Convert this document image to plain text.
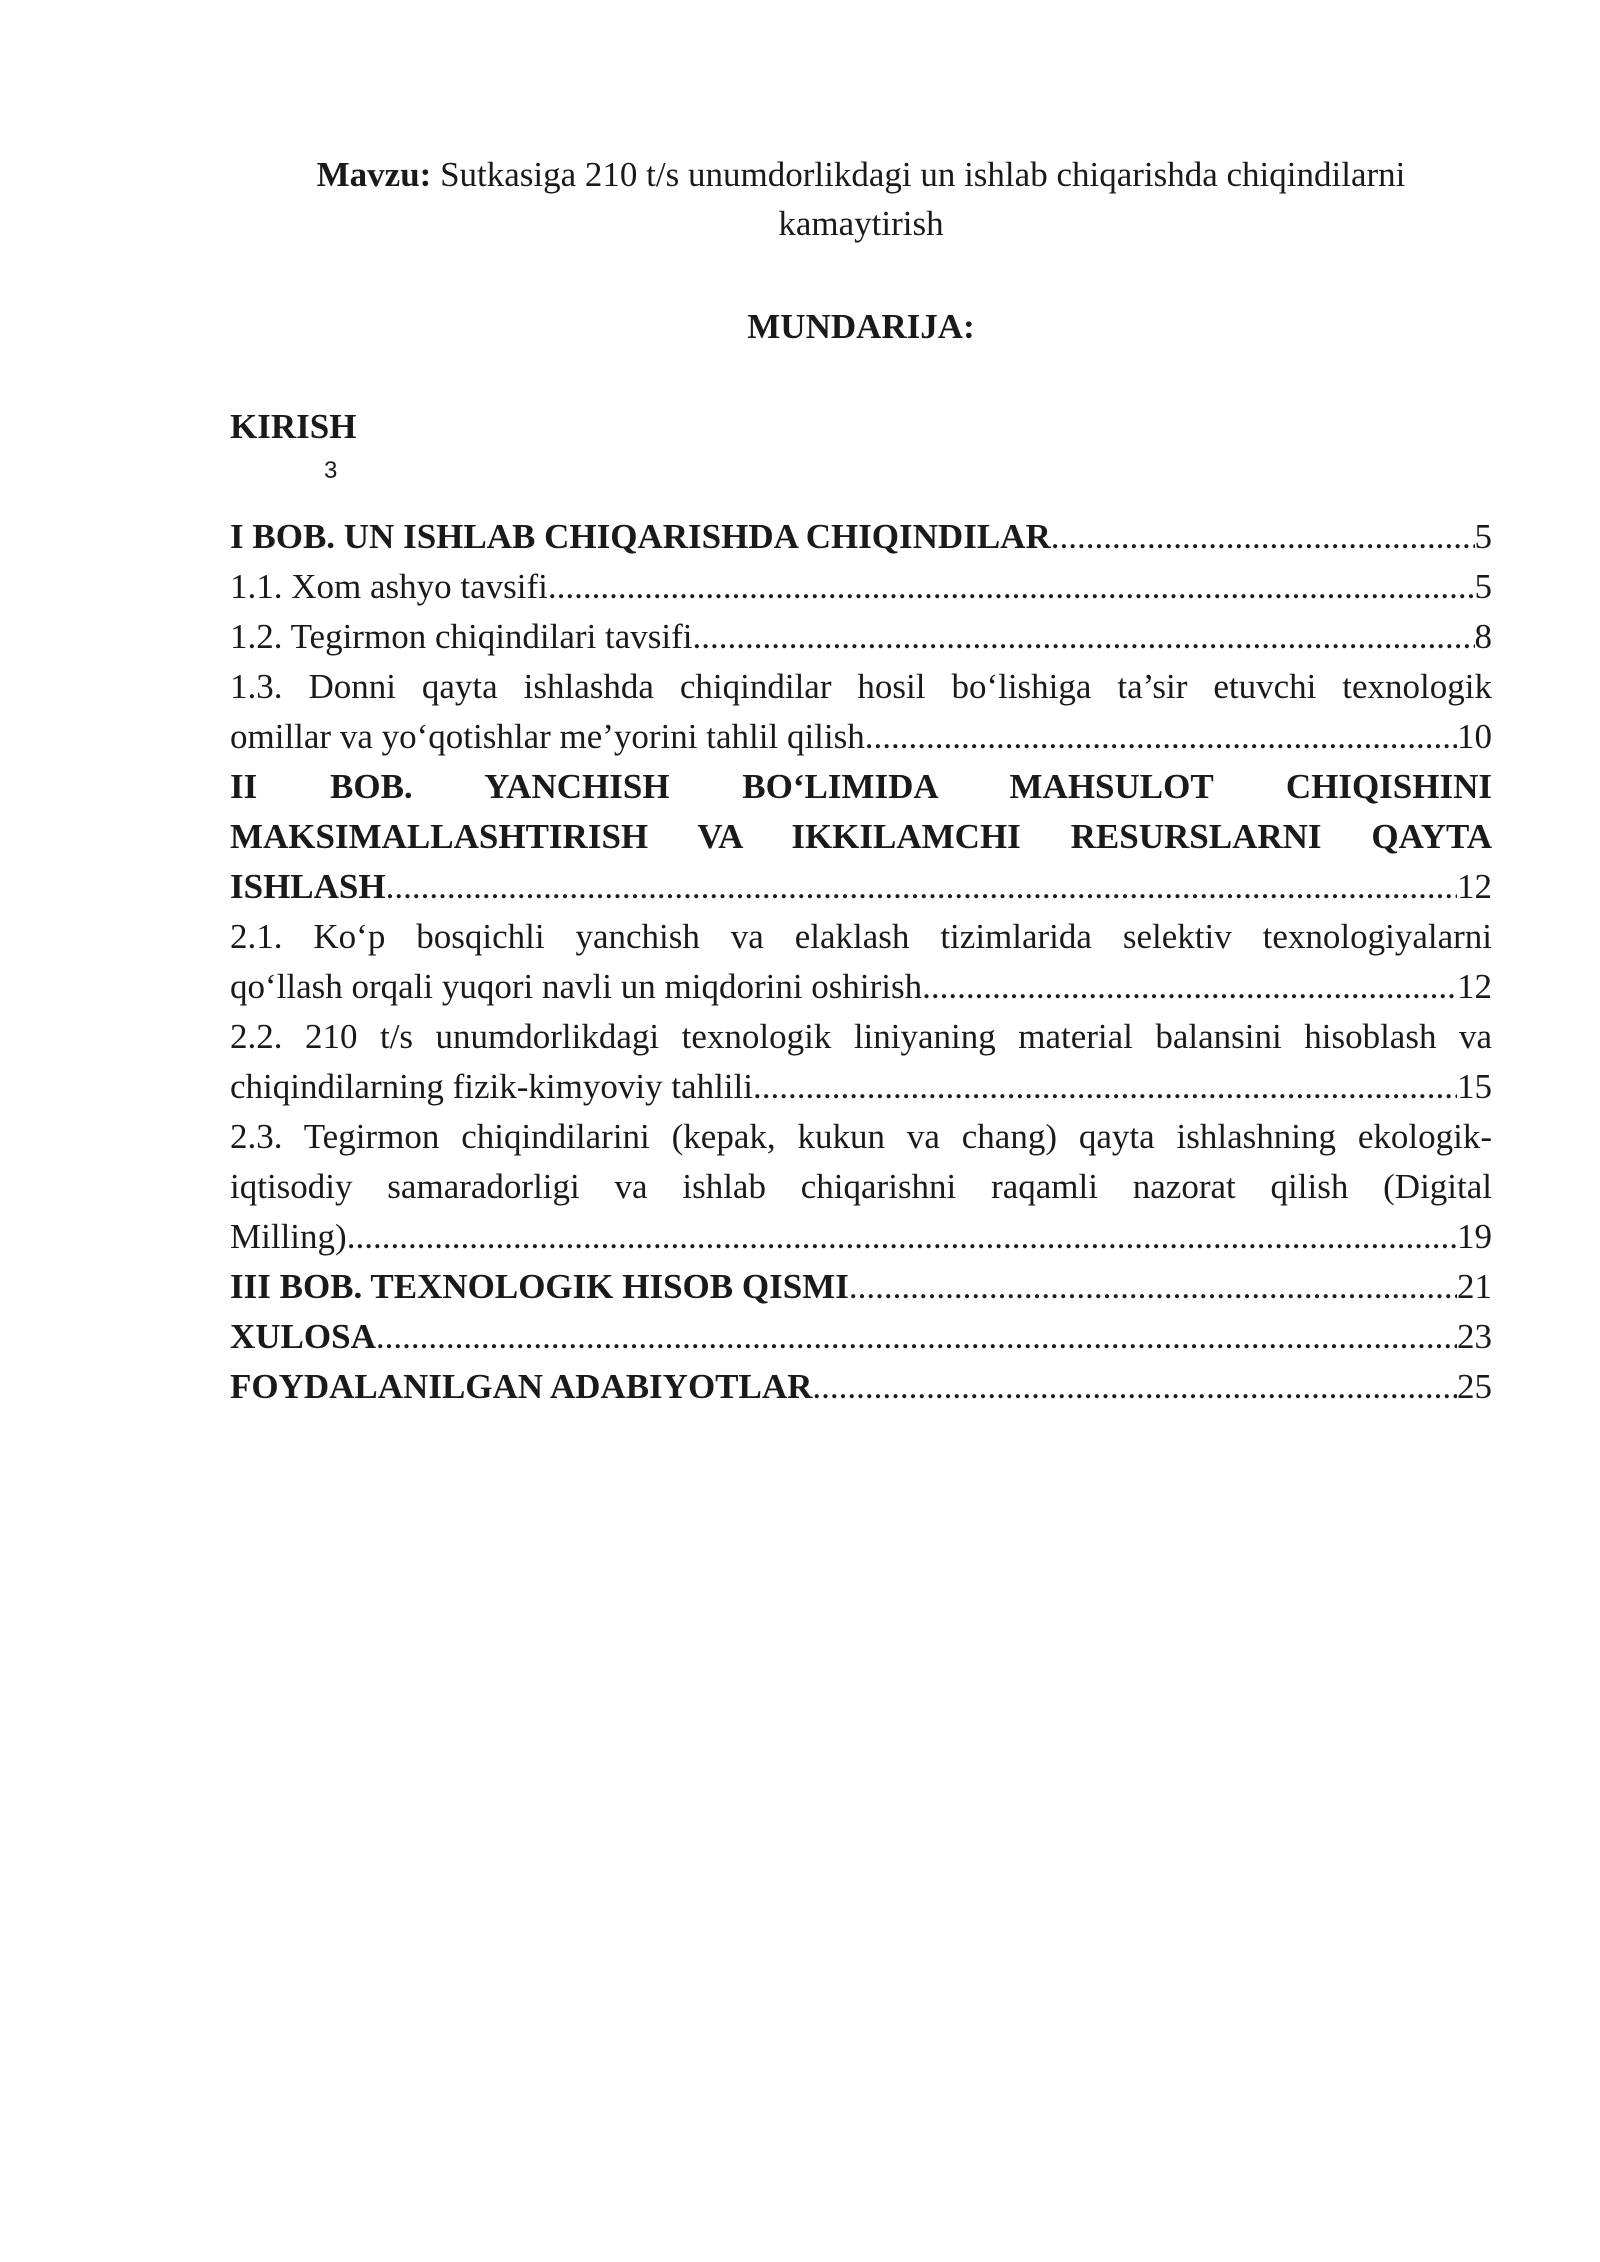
Mavzu: Sutkasiga 210 t/s unumdorlikdagi un ishlab chiqarishda chiqindilarni
kamaytirish
MUNDARIJA:
KIRISH
3
I BOB. UN ISHLAB CHIQARISHDA CHIQINDILAR .....	5
1.1. Xom ashyo tavsifi .....	5
1.2. Tegirmon chiqindilari tavsifi .....	8
1.3. Donni qayta ishlashda chiqindilar hosil bo‘lishiga ta’sir etuvchi texnologik
omillar va yo‘qotishlar me’yorini tahlil qilish .....	10
II BOB. YANCHISH BO‘LIMIDA MAHSULOT CHIQISHINI
MAKSIMALLASHTIRISH VA IKKILAMCHI RESURSLARNI QAYTA
ISHLASH .....	12
2.1. Ko‘p bosqichli yanchish va elaklash tizimlarida selektiv texnologiyalarni
qo‘llash orqali yuqori navli un miqdorini oshirish .....	12
2.2. 210 t/s unumdorlikdagi texnologik liniyaning material balansini hisoblash va
chiqindilarning fizik-kimyoviy tahlili .....	15
2.3. Tegirmon chiqindilarini (kepak, kukun va chang) qayta ishlashning ekologik-
iqtisodiy samaradorligi va ishlab chiqarishni raqamli nazorat qilish (Digital
Milling) .....	19
III BOB. TEXNOLOGIK HISOB QISMI .....	21
XULOSA .....	23
FOYDALANILGAN ADABIYOTLAR .....	25
